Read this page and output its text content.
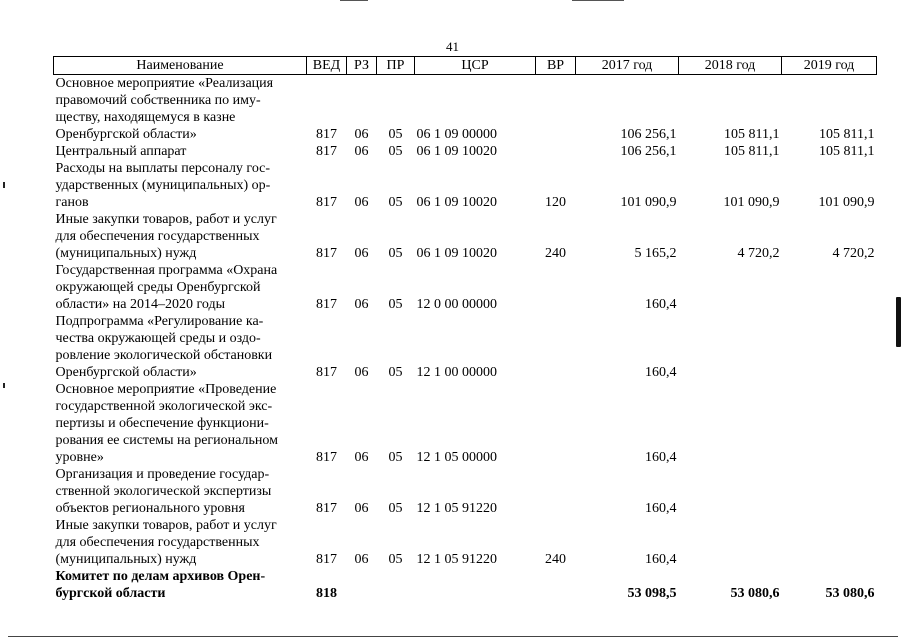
41
Наименование	ВЕД	РЗ	ПР	ЦСР	ВР	2017 год	2018 год	2019 год

Основное мероприятие «Реализация
правомочий собственника по иму-
ществу, находящемуся в казне
Оренбургской области»	817	06	05	06 1 09 00000		106 256,1	105 811,1	105 811,1

Центральный аппарат	817	06	05	06 1 09 10020		106 256,1	105 811,1	105 811,1

Расходы на выплаты персоналу гос-
ударственных (муниципальных) ор-
ганов	817	06	05	06 1 09 10020	120	101 090,9	101 090,9	101 090,9

Иные закупки товаров, работ и услуг
для обеспечения государственных
(муниципальных) нужд	817	06	05	06 1 09 10020	240	5 165,2	4 720,2	4 720,2

Государственная программа «Охрана
окружающей среды Оренбургской
области» на 2014–2020 годы	817	06	05	12 0 00 00000		160,4		

Подпрограмма «Регулирование ка-
чества окружающей среды и оздо-
ровление экологической обстановки
Оренбургской области»	817	06	05	12 1 00 00000		160,4		

Основное мероприятие «Проведение
государственной экологической экс-
пертизы и обеспечение функциони-
рования ее системы на региональном
уровне»	817	06	05	12 1 05 00000		160,4		

Организация и проведение государ-
ственной экологической экспертизы
объектов регионального уровня	817	06	05	12 1 05 91220		160,4		

Иные закупки товаров, работ и услуг
для обеспечения государственных
(муниципальных) нужд	817	06	05	12 1 05 91220	240	160,4		

Комитет по делам архивов Орен-
бургской области	818					53 098,5	53 080,6	53 080,6
